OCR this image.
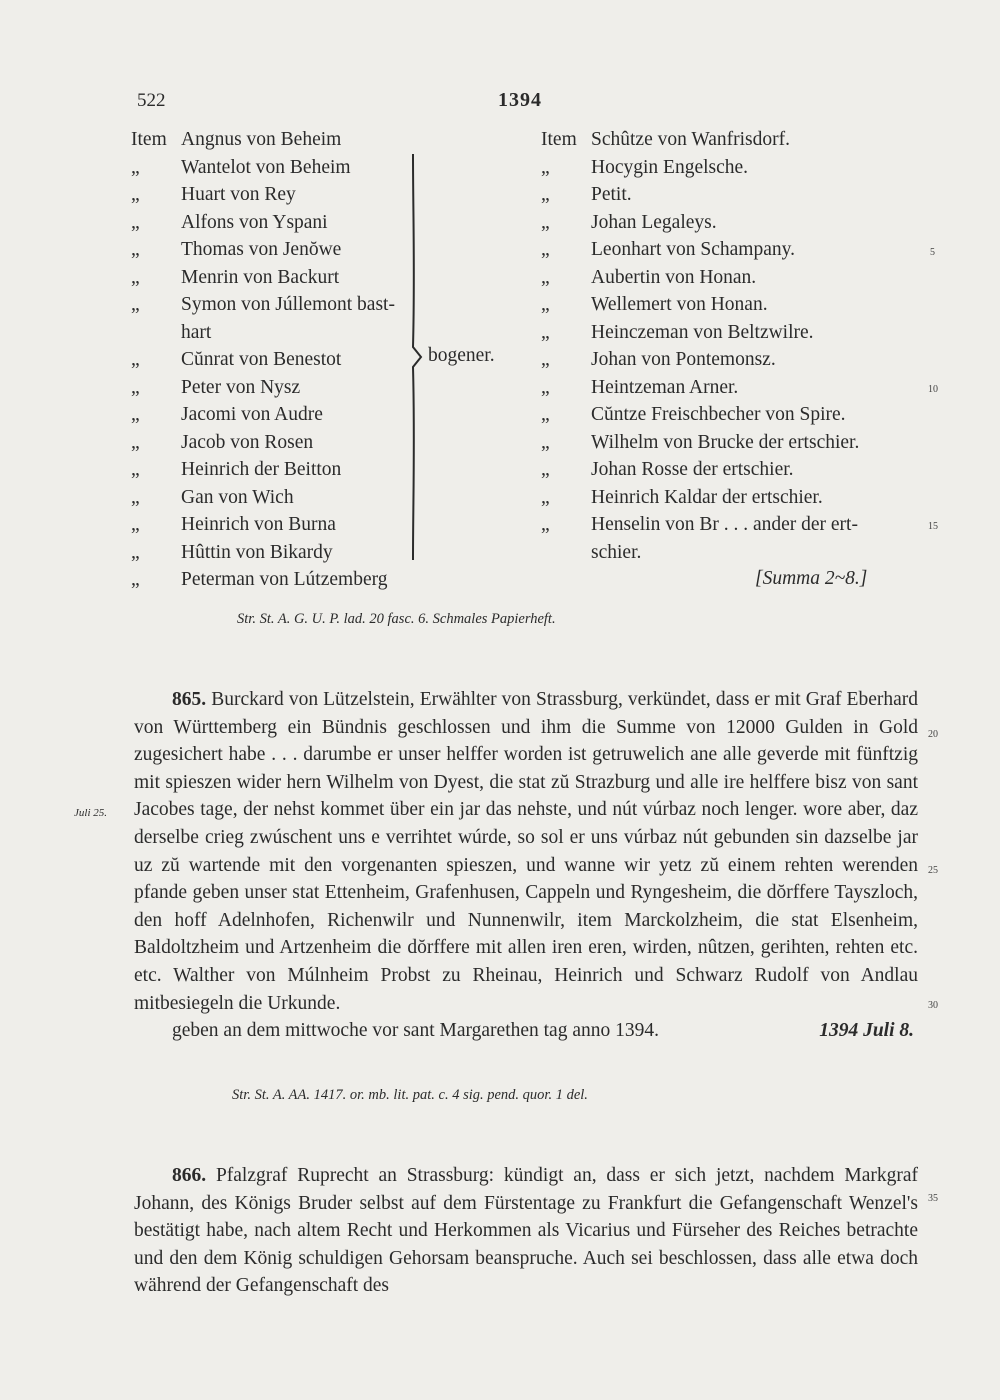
522	1394
Item Angnus von Beheim
„	Wantelot von Beheim
„	Huart von Rey
„	Alfons von Yspani
„	Thomas von Jenŏwe
„	Menrin von Backurt
„	Symon von Júllemont bast-
hart
„	Cŭnrat von Benestot
„	Peter von Nysz
„	Jacomi von Audre
„	Jacob von Rosen
„	Heinrich der Beitton
„	Gan von Wich
„	Heinrich von Burna
„	Hûttin von Bikardy
„	Peterman von Lútzemberg
bogener.
Item Schûtze von Wanfrisdorf.
„	Hocygin Engelsche.
„	Petit.
„	Johan Legaleys.
„	Leonhart von Schampany.
„	Aubertin von Honan.
„	Wellemert von Honan.
„	Heinczeman von Beltzwilre.
„	Johan von Pontemonsz.
„	Heintzeman Arner.
„	Cŭntze Freischbecher von Spire.
„	Wilhelm von Brucke der ertschier.
„	Johan Rosse der ertschier.
„	Heinrich Kaldar der ertschier.
„	Henselin von Br . . . ander der ert-
schier.
[Summa 2~8.]
Str. St. A. G. U. P. lad. 20 fasc. 6. Schmales Papierheft.

865. Burckard von Lützelstein, Erwählter von Strassburg, verkündet, dass er mit Graf Eberhard von Württemberg ein Bündnis geschlossen und ihm die Summe von 12000 Gulden in Gold zugesichert habe . . . darumbe er unser helffer worden ist getruwelich ane alle geverde mit fünftzig mit spieszen wider hern Wilhelm von Dyest, die stat zŭ Strazburg und alle ire helffere bisz von sant Jacobes tage, der nehst kommet über ein jar das nehste, und nút vúrbaz noch lenger. wore aber, daz derselbe crieg zwúschent uns e verrihtet wúrde, so sol er uns vúrbaz nút gebunden sin dazselbe jar uz zŭ wartende mit den vorgenanten spieszen, und wanne wir yetz zŭ einem rehten werenden pfande geben unser stat Ettenheim, Grafenhusen, Cappeln und Ryngesheim, die dŏrffere Tayszloch, den hoff Adelnhofen, Richenwilr und Nunnenwilr, item Marckolzheim, die stat Elsenheim, Baldoltzheim und Artzenheim die dŏrffere mit allen iren eren, wirden, nûtzen, gerihten, rehten etc. etc. Walther von Múlnheim Probst zu Rheinau, Heinrich und Schwarz Rudolf von Andlau mitbesiegeln die Urkunde.

geben an dem mittwoche vor sant Margarethen tag anno 1394.	1394 Juli 8.
Juli 25.
Str. St. A. AA. 1417. or. mb. lit. pat. c. 4 sig. pend. quor. 1 del.

866. Pfalzgraf Ruprecht an Strassburg: kündigt an, dass er sich jetzt, nachdem Markgraf Johann, des Königs Bruder selbst auf dem Fürstentage zu Frankfurt die Gefangenschaft Wenzel's bestätigt habe, nach altem Recht und Herkommen als Vicarius und Fürseher des Reiches betrachte und den dem König schuldigen Gehorsam beanspruche. Auch sei beschlossen, dass alle etwa doch während der Gefangenschaft des

5
10
15
20
25
30
35
